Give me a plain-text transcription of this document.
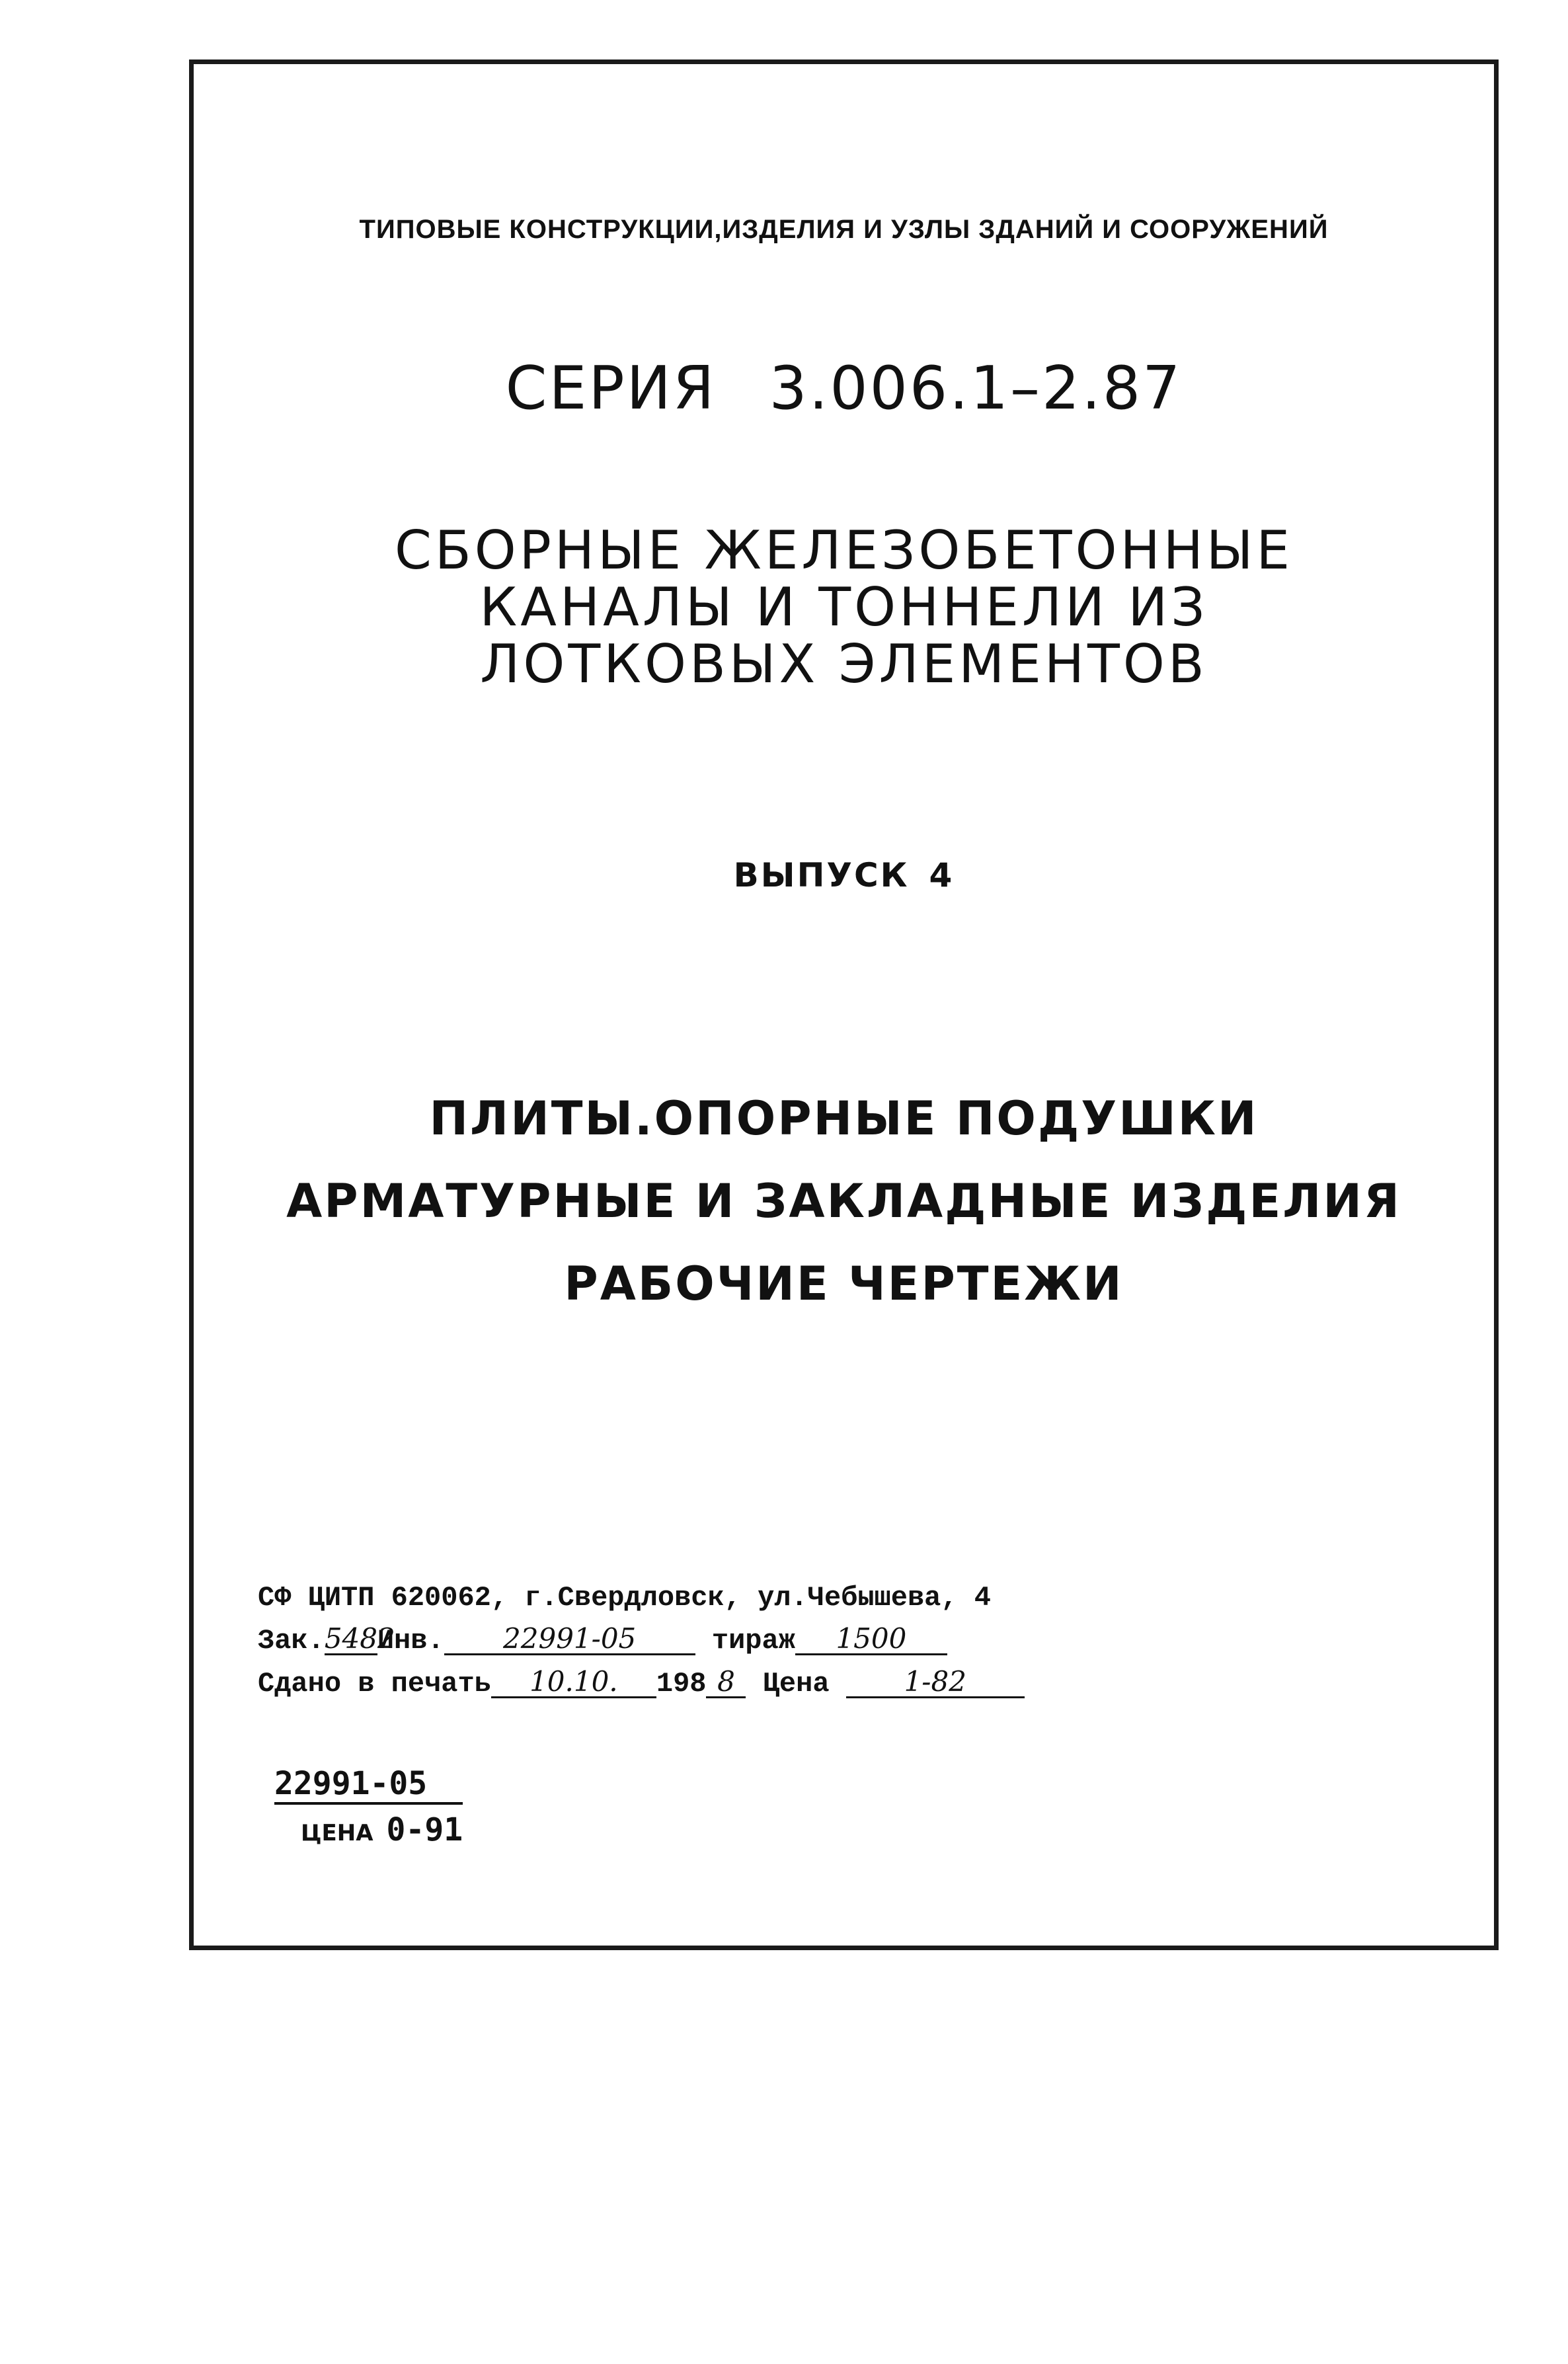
ТИПОВЫЕ КОНСТРУКЦИИ,ИЗДЕЛИЯ И УЗЛЫ ЗДАНИЙ И СООРУЖЕНИЙ
СЕРИЯ 3.006.1–2.87
СБОРНЫЕ ЖЕЛЕЗОБЕТОННЫЕ
КАНАЛЫ И ТОННЕЛИ ИЗ
ЛОТКОВЫХ ЭЛЕМЕНТОВ
ВЫПУСК 4
ПЛИТЫ.ОПОРНЫЕ ПОДУШКИ
АРМАТУРНЫЕ И ЗАКЛАДНЫЕ ИЗДЕЛИЯ
РАБОЧИЕ ЧЕРТЕЖИ
СФ ЦИТП 620062, г.Свердловск, ул.Чебышева, 4
Зак.5482Инв. 22991-05	тираж 1500
Сдано в печать 10.10. 198 8 Цена	1-82
22991-05
ЦЕНА 0-91
